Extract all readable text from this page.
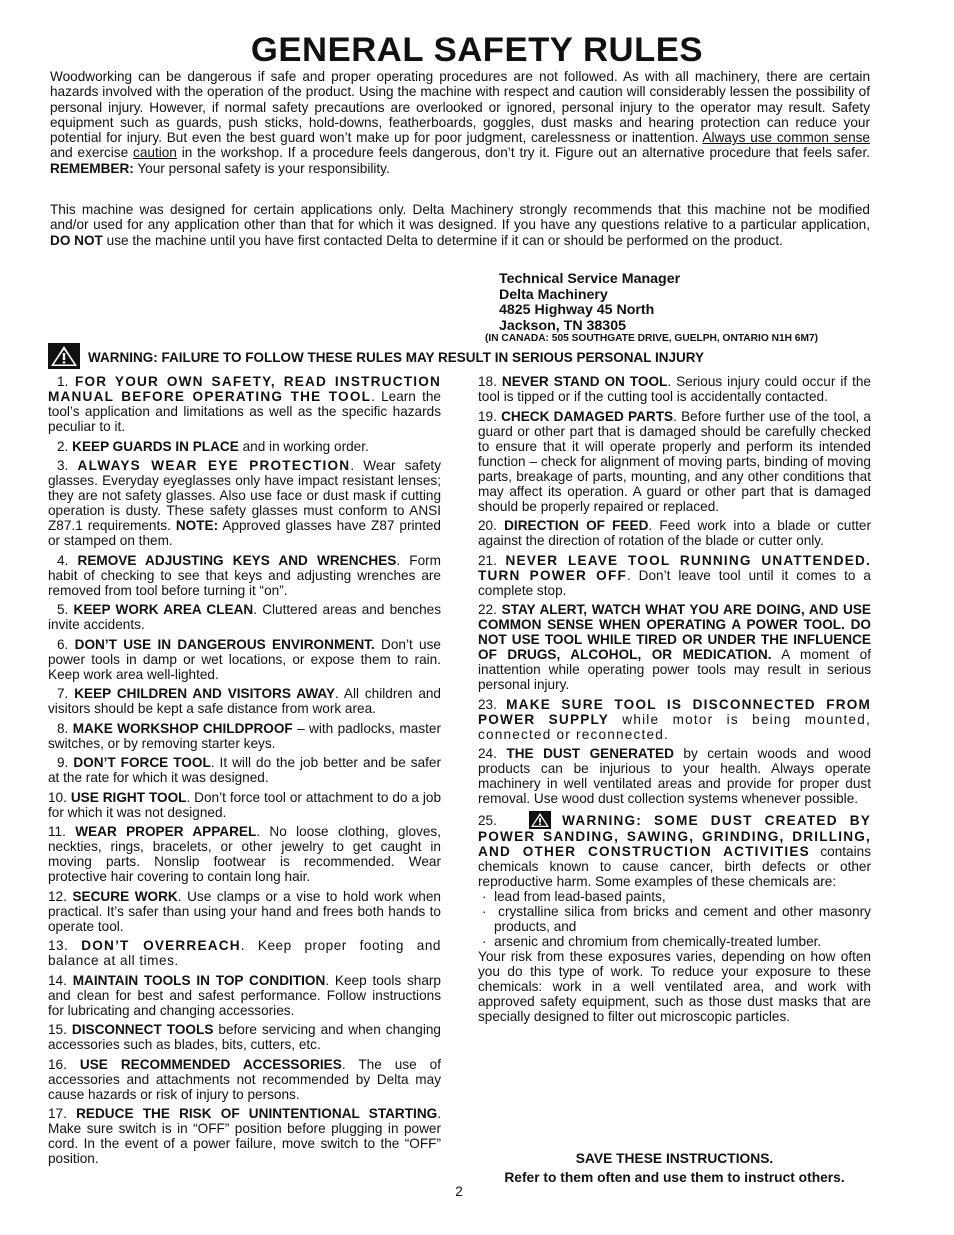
GENERAL SAFETY RULES

Woodworking can be dangerous if safe and proper operating procedures are not followed. As with all machinery, there are certain hazards involved with the operation of the product. Using the machine with respect and caution will considerably lessen the possibility of personal injury. However, if normal safety precautions are overlooked or ignored, personal injury to the operator may result. Safety equipment such as guards, push sticks, hold-downs, featherboards, goggles, dust masks and hearing protection can reduce your potential for injury. But even the best guard won’t make up for poor judgment, carelessness or inattention. Always use common sense and exercise caution in the workshop. If a procedure feels dangerous, don’t try it. Figure out an alternative procedure that feels safer. REMEMBER: Your personal safety is your responsibility.

This machine was designed for certain applications only. Delta Machinery strongly recommends that this machine not be modified and/or used for any application other than that for which it was designed. If you have any questions relative to a particular application, DO NOT use the machine until you have first contacted Delta to determine if it can or should be performed on the product.

Technical Service Manager
Delta Machinery
4825 Highway 45 North
Jackson, TN 38305
(IN CANADA: 505 SOUTHGATE DRIVE, GUELPH, ONTARIO N1H 6M7)
WARNING: FAILURE TO FOLLOW THESE RULES MAY RESULT IN SERIOUS PERSONAL INJURY

1. FOR YOUR OWN SAFETY, READ INSTRUCTION MANUAL BEFORE OPERATING THE TOOL. Learn the tool’s application and limitations as well as the specific hazards peculiar to it.

2. KEEP GUARDS IN PLACE and in working order.

3. ALWAYS WEAR EYE PROTECTION. Wear safety glasses. Everyday eyeglasses only have impact resistant lenses; they are not safety glasses. Also use face or dust mask if cutting operation is dusty. These safety glasses must conform to ANSI Z87.1 requirements. NOTE: Approved glasses have Z87 printed or stamped on them.

4. REMOVE ADJUSTING KEYS AND WRENCHES. Form habit of checking to see that keys and adjusting wrenches are removed from tool before turning it “on”.

5. KEEP WORK AREA CLEAN. Cluttered areas and benches invite accidents.

6. DON’T USE IN DANGEROUS ENVIRONMENT. Don’t use power tools in damp or wet locations, or expose them to rain. Keep work area well-lighted.

7. KEEP CHILDREN AND VISITORS AWAY. All children and visitors should be kept a safe distance from work area.

8. MAKE WORKSHOP CHILDPROOF – with padlocks, master switches, or by removing starter keys.

9. DON’T FORCE TOOL. It will do the job better and be safer at the rate for which it was designed.

10. USE RIGHT TOOL. Don’t force tool or attachment to do a job for which it was not designed.

11. WEAR PROPER APPAREL. No loose clothing, gloves, neckties, rings, bracelets, or other jewelry to get caught in moving parts. Nonslip footwear is recommended. Wear protective hair covering to contain long hair.

12. SECURE WORK. Use clamps or a vise to hold work when practical. It’s safer than using your hand and frees both hands to operate tool.

13. DON’T OVERREACH. Keep proper footing and balance at all times.

14. MAINTAIN TOOLS IN TOP CONDITION. Keep tools sharp and clean for best and safest performance. Follow instructions for lubricating and changing accessories.

15. DISCONNECT TOOLS before servicing and when changing accessories such as blades, bits, cutters, etc.

16. USE RECOMMENDED ACCESSORIES. The use of accessories and attachments not recommended by Delta may cause hazards or risk of injury to persons.

17. REDUCE THE RISK OF UNINTENTIONAL STARTING. Make sure switch is in “OFF” position before plugging in power cord. In the event of a power failure, move switch to the “OFF” position.

18. NEVER STAND ON TOOL. Serious injury could occur if the tool is tipped or if the cutting tool is accidentally contacted.

19. CHECK DAMAGED PARTS. Before further use of the tool, a guard or other part that is damaged should be carefully checked to ensure that it will operate properly and perform its intended function – check for alignment of moving parts, binding of moving parts, breakage of parts, mounting, and any other conditions that may affect its operation. A guard or other part that is damaged should be properly repaired or replaced.

20. DIRECTION OF FEED. Feed work into a blade or cutter against the direction of rotation of the blade or cutter only.

21. NEVER LEAVE TOOL RUNNING UNATTENDED. TURN POWER OFF. Don’t leave tool until it comes to a complete stop.

22. STAY ALERT, WATCH WHAT YOU ARE DOING, AND USE COMMON SENSE WHEN OPERATING A POWER TOOL. DO NOT USE TOOL WHILE TIRED OR UNDER THE INFLUENCE OF DRUGS, ALCOHOL, OR MEDICATION. A moment of inattention while operating power tools may result in serious personal injury.

23. MAKE SURE TOOL IS DISCONNECTED FROM POWER SUPPLY while motor is being mounted, connected or reconnected.

24. THE DUST GENERATED by certain woods and wood products can be injurious to your health. Always operate machinery in well ventilated areas and provide for proper dust removal. Use wood dust collection systems whenever possible.

25.	WARNING: SOME DUST CREATED BY POWER SANDING, SAWING, GRINDING, DRILLING, AND OTHER CONSTRUCTION ACTIVITIES contains chemicals known to cause cancer, birth defects or other reproductive harm. Some examples of these chemicals are:

·  lead from lead-based paints,

·  crystalline silica from bricks and cement and other masonry products, and

·  arsenic and chromium from chemically-treated lumber.

Your risk from these exposures varies, depending on how often you do this type of work. To reduce your exposure to these chemicals: work in a well ventilated area, and work with approved safety equipment, such as those dust masks that are specially designed to filter out microscopic particles.

SAVE THESE INSTRUCTIONS.
Refer to them often and use them to instruct others.
2
